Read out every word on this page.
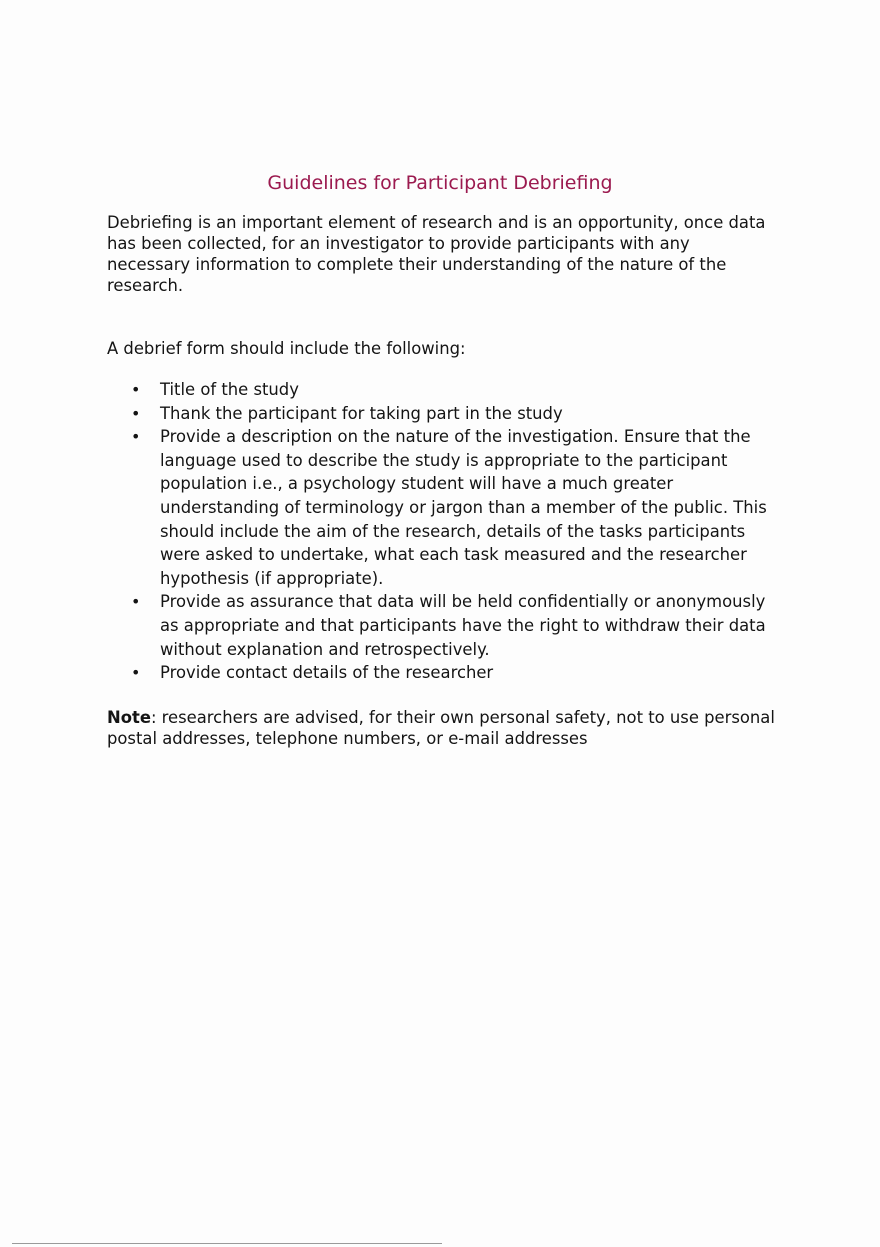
Guidelines for Participant Debriefing

Debriefing is an important element of research and is an opportunity, once data has been collected, for an investigator to provide participants with any necessary information to complete their understanding of the nature of the research.

A debrief form should include the following:

• Title of the study
• Thank the participant for taking part in the study
• Provide a description on the nature of the investigation. Ensure that the language used to describe the study is appropriate to the participant population i.e., a psychology student will have a much greater understanding of terminology or jargon than a member of the public. This should include the aim of the research, details of the tasks participants were asked to undertake, what each task measured and the researcher hypothesis (if appropriate).
• Provide as assurance that data will be held confidentially or anonymously as appropriate and that participants have the right to withdraw their data without explanation and retrospectively.
• Provide contact details of the researcher

Note: researchers are advised, for their own personal safety, not to use personal postal addresses, telephone numbers, or e-mail addresses
